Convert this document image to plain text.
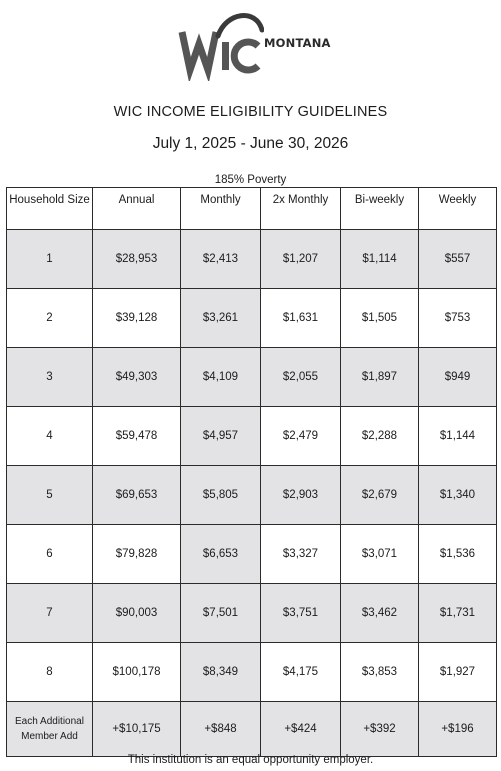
MONTANA
WIC INCOME ELIGIBILITY GUIDELINES
July 1, 2025 - June 30, 2026
185% Poverty
Household Size	Annual	Monthly	2x Monthly	Bi-weekly	Weekly
1	$28,953	$2,413	$1,207	$1,114	$557
2	$39,128	$3,261	$1,631	$1,505	$753
3	$49,303	$4,109	$2,055	$1,897	$949
4	$59,478	$4,957	$2,479	$2,288	$1,144
5	$69,653	$5,805	$2,903	$2,679	$1,340
6	$79,828	$6,653	$3,327	$3,071	$1,536
7	$90,003	$7,501	$3,751	$3,462	$1,731
8	$100,178	$8,349	$4,175	$3,853	$1,927
Each Additional Member Add	+$10,175	+$848	+$424	+$392	+$196
This institution is an equal opportunity employer.
